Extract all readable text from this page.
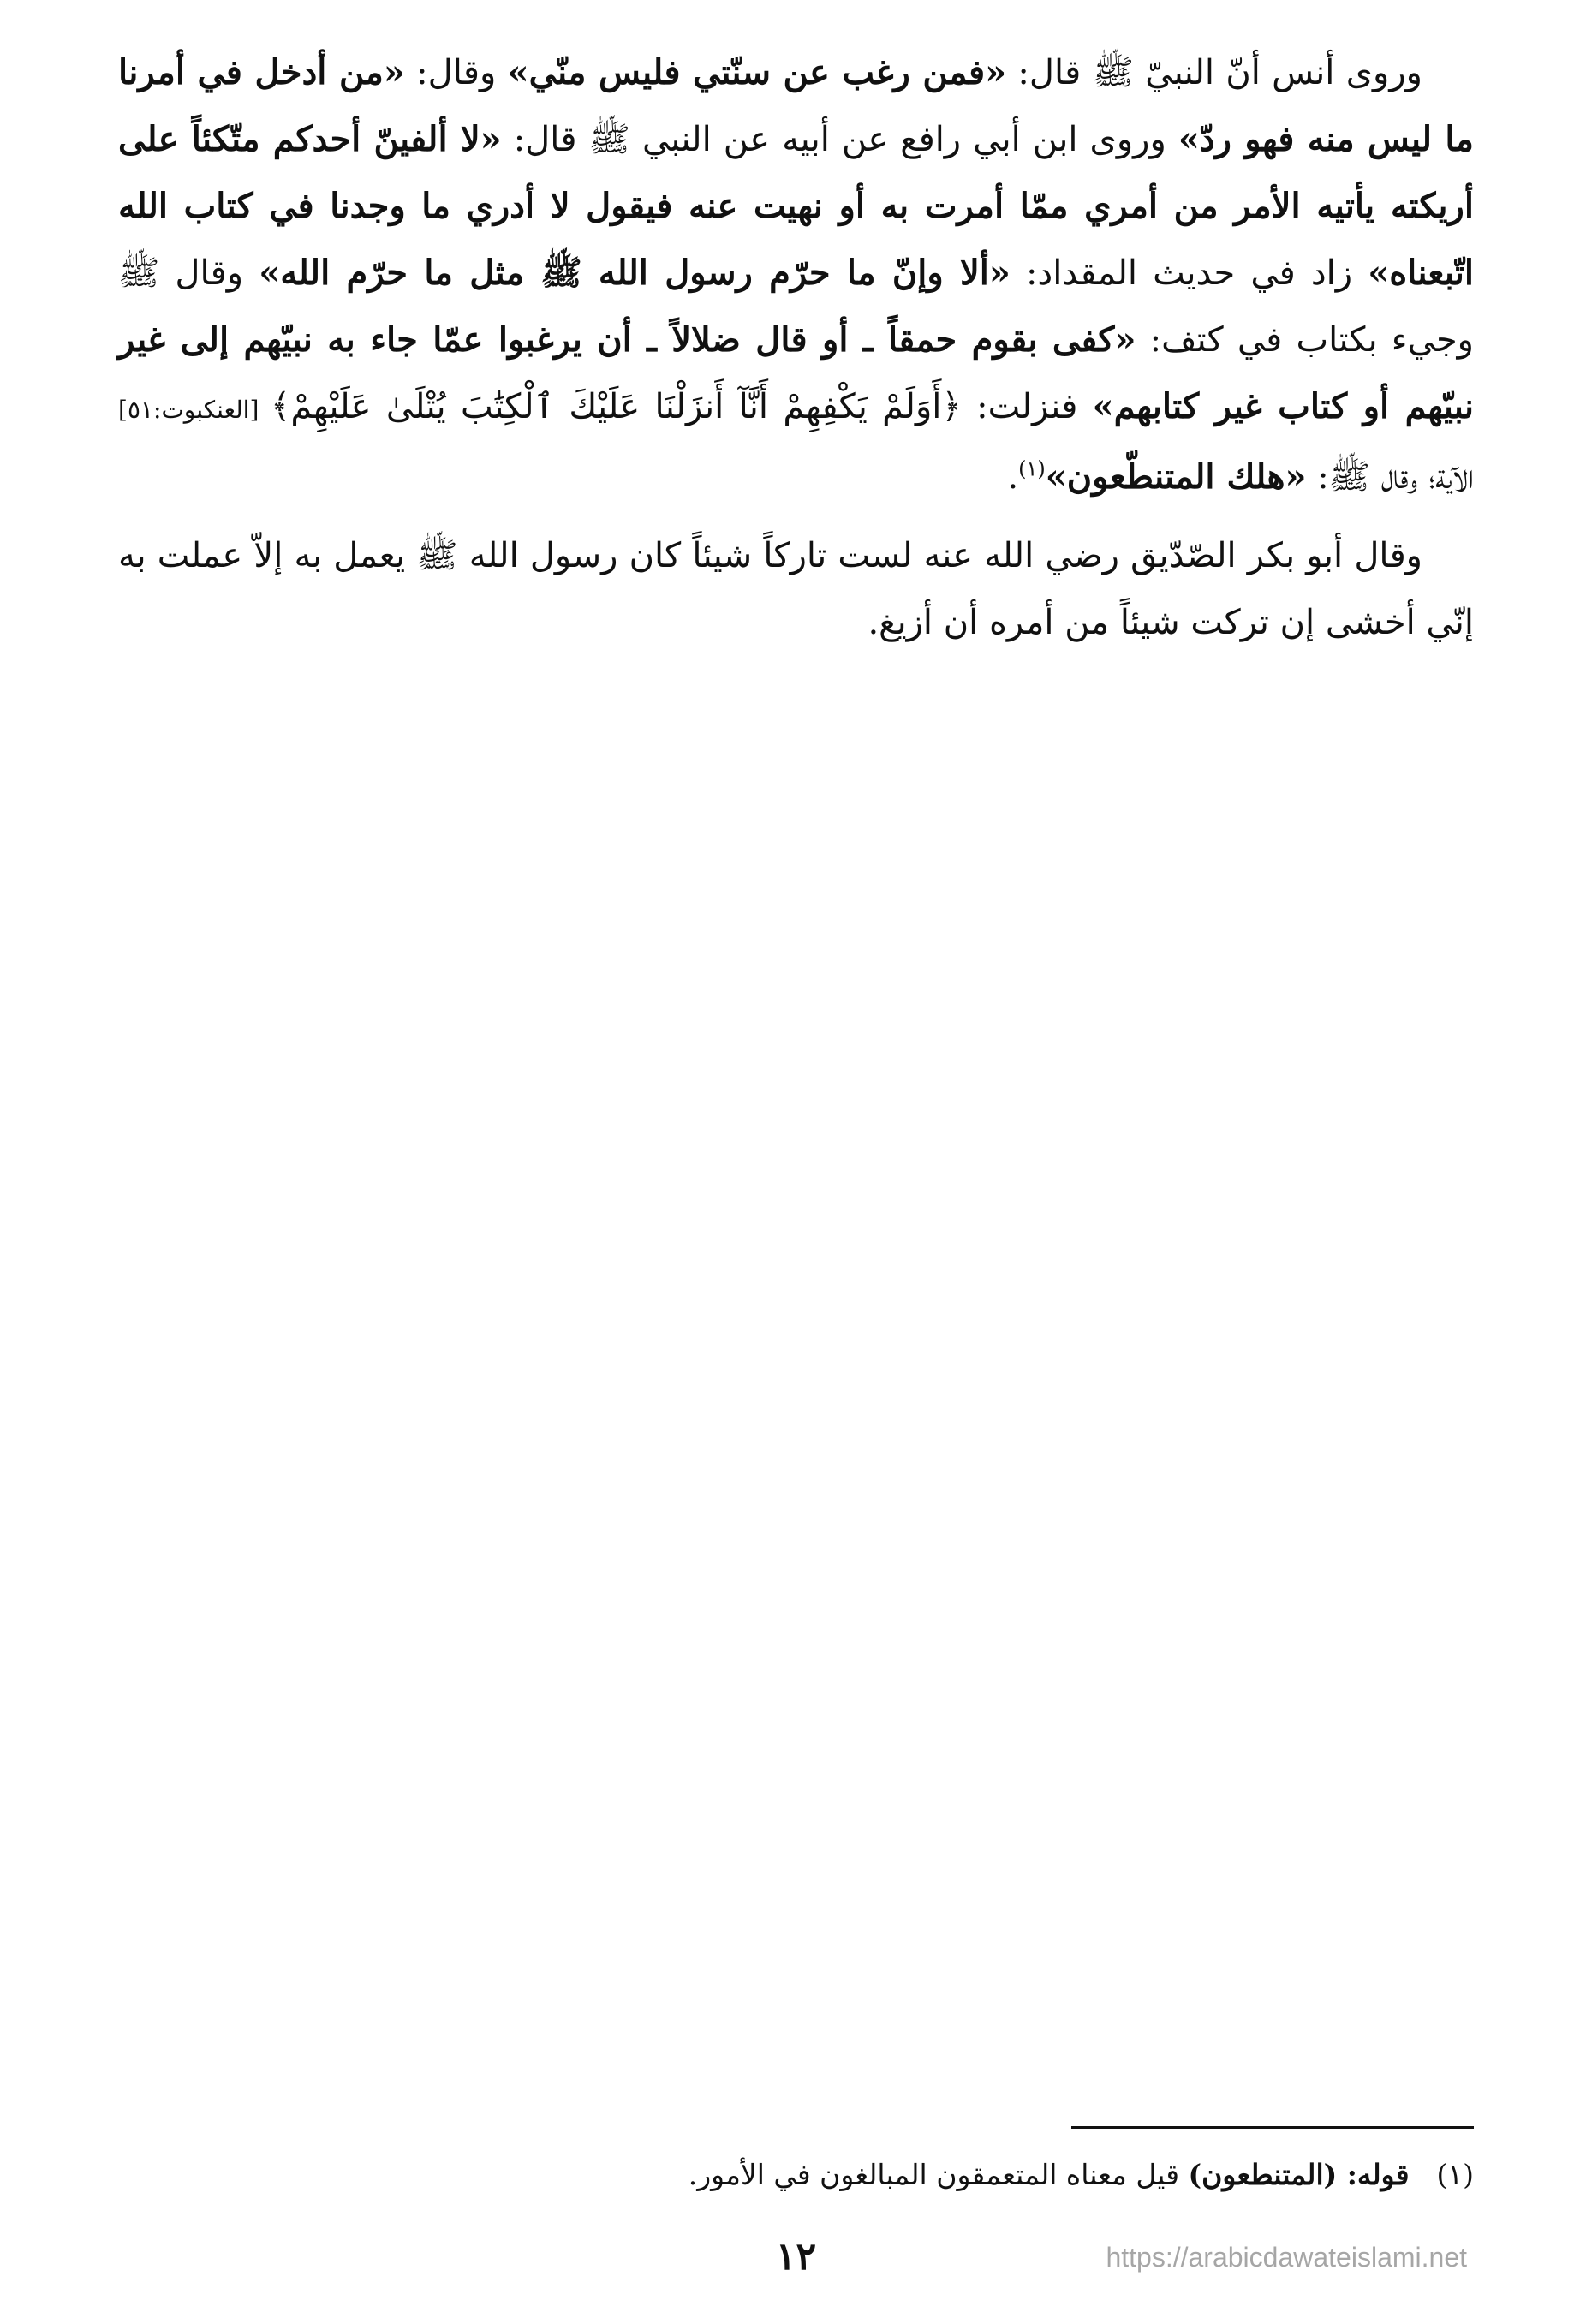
وروى أنس أنّ النبيّ ﷺ قال: «فمن رغب عن سنّتي فليس منّي» وقال: «من أدخل في أمرنا ما ليس منه فهو ردّ» وروى ابن أبي رافع عن أبيه عن النبي ﷺ قال: «لا ألفينّ أحدكم متّكئاً على أريكته يأتيه الأمر من أمري ممّا أمرت به أو نهيت عنه فيقول لا أدري ما وجدنا في كتاب الله اتّبعناه» زاد في حديث المقداد: «ألا وإنّ ما حرّم رسول الله ﷺ مثل ما حرّم الله» وقال ﷺ وجيء بكتاب في كتف: «كفى بقوم حمقاً ـ أو قال ضلالاً ـ أن يرغبوا عمّا جاء به نبيّهم إلى غير نبيّهم أو كتاب غير كتابهم» فنزلت: ﴿أَوَلَمْ يَكْفِهِمْ أَنَّآ أَنزَلْنَا عَلَيْكَ ٱلْكِتَٰبَ يُتْلَىٰ عَلَيْهِمْ﴾ [العنكبوت:٥١] الآية؛ وقال ﷺ: «هلك المتنطّعون»$^{(١)}$.

وقال أبو بكر الصّدّيق رضي الله عنه لست تاركاً شيئاً كان رسول الله ﷺ يعمل به إلاّ عملت به إنّي أخشى إن تركت شيئاً من أمره أن أزيغ.

(١)قوله: (المتنطعون) قيل معناه المتعمقون المبالغون في الأمور.
١٢	https://arabicdawateislami.net
